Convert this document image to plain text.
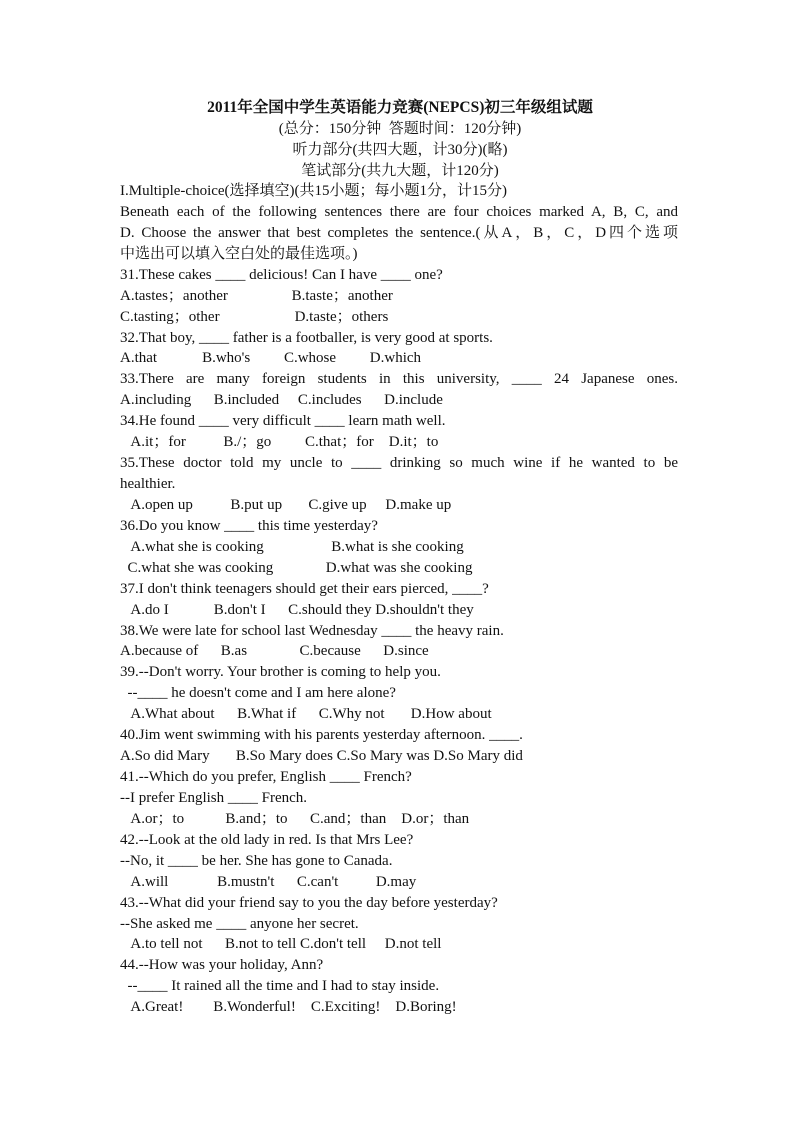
2011年全国中学生英语能力竞赛(NEPCS)初三年级组试题
(总分：150分钟  答题时间：120分钟)
听力部分(共四大题，计30分)(略)
笔试部分(共九大题，计120分)
I.Multiple-choice(选择填空)(共15小题；每小题1分，计15分)
Beneath each of the following sentences there are four choices marked A, B, C, and
D. Choose the answer that best completes the sentence.(从A，B，C，D四个选项
中选出可以填入空白处的最佳选项。)
31.These cakes ____ delicious! Can I have ____ one?
A.tastes；another                 B.taste；another
C.tasting；other                    D.taste；others
32.That boy, ____ father is a footballer, is very good at sports.
A.that            B.who's         C.whose         D.which
33.There are many foreign students in this university, ____ 24 Japanese ones.
A.including      B.included     C.includes      D.include
34.He found ____ very difficult ____ learn math well.
A.it；for          B./；go         C.that；for    D.it；to
35.These doctor told my uncle to ____ drinking so much wine if he wanted to be
healthier.
A.open up          B.put up       C.give up     D.make up
36.Do you know ____ this time yesterday?
A.what she is cooking                  B.what is she cooking
C.what she was cooking              D.what was she cooking
37.I don't think teenagers should get their ears pierced, ____?
A.do I            B.don't I      C.should they D.shouldn't they
38.We were late for school last Wednesday ____ the heavy rain.
A.because of      B.as              C.because      D.since
39.--Don't worry. Your brother is coming to help you.
--____ he doesn't come and I am here alone?
A.What about      B.What if      C.Why not       D.How about
40.Jim went swimming with his parents yesterday afternoon. ____.
A.So did Mary       B.So Mary does C.So Mary was D.So Mary did
41.--Which do you prefer, English ____ French?
--I prefer English ____ French.
A.or；to           B.and；to      C.and；than    D.or；than
42.--Look at the old lady in red. Is that Mrs Lee?
--No, it ____ be her. She has gone to Canada.
A.will             B.mustn't      C.can't          D.may
43.--What did your friend say to you the day before yesterday?
--She asked me ____ anyone her secret.
A.to tell not      B.not to tell C.don't tell     D.not tell
44.--How was your holiday, Ann?
--____ It rained all the time and I had to stay inside.
A.Great!        B.Wonderful!    C.Exciting!    D.Boring!
